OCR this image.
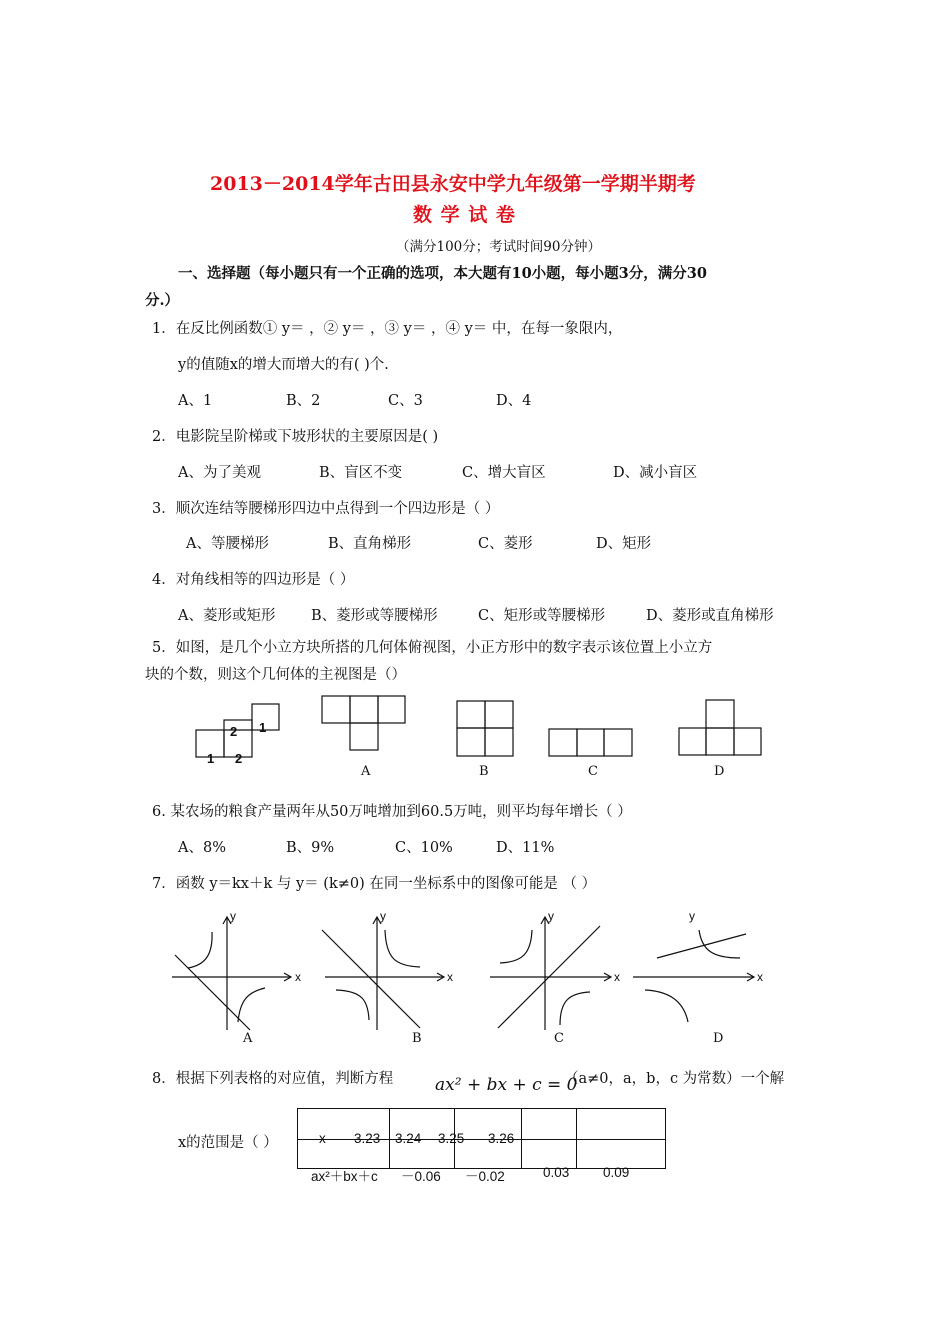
2013－2014学年古田县永安中学九年级第一学期半期考
数 学 试 卷
（满分100分；考试时间90分钟）
一、选择题（每小题只有一个正确的选项，本大题有10小题，每小题3分，满分30
分.）
1．在反比例函数① y＝ ，② y＝ ，③ y＝ ，④ y＝ 中，在每一象限内，
y的值随x的增大而增大的有( )个.
A、1	B、2	C、3	D、4
2．电影院呈阶梯或下坡形状的主要原因是( )
A、为了美观	B、盲区不变	C、增大盲区	D、减小盲区
3．顺次连结等腰梯形四边中点得到一个四边形是（ ）
A、等腰梯形	B、直角梯形	C、菱形	D、矩形
4．对角线相等的四边形是（ ）
A、菱形或矩形 B、菱形或等腰梯形	C、矩形或等腰梯形	D、菱形或直角梯形
5．如图，是几个小立方块所搭的几何体俯视图，小正方形中的数字表示该位置上小立方
块的个数，则这个几何体的主视图是（）
2 1
1 2
A	B	C	D
6. 某农场的粮食产量两年从50万吨增加到60.5万吨，则平均每年增长（ ）
A、8%	B、9%	C、10%	D、11%
7．函数 y＝kx＋k 与 y＝ (k≠0) 在同一坐标系中的图像可能是 （ ）
y
x
y
x
y
x
y
x
A	B	C	D
8．根据下列表格的对应值，判断方程 ax² + bx + c = 0
（a≠0，a，b，c 为常数）一个解
x的范围是（ ）	x 3.23 3.24 3.25 3.26
ax²＋bx＋c －0.06 －0.02	0.03 0.09
